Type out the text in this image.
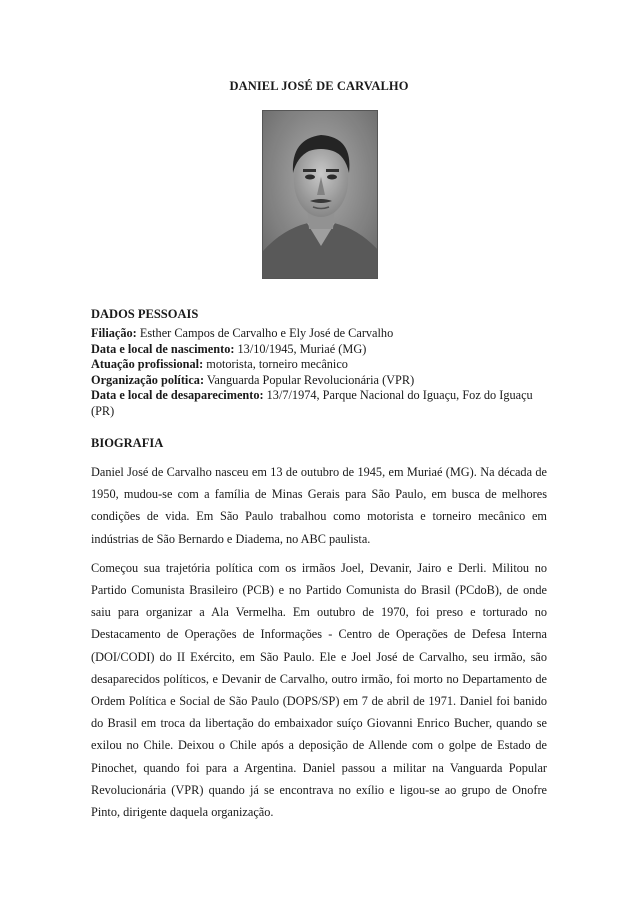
DANIEL JOSÉ DE CARVALHO
DADOS PESSOAIS
Filiação: Esther Campos de Carvalho e Ely José de Carvalho
Data e local de nascimento: 13/10/1945, Muriaé (MG)
Atuação profissional: motorista, torneiro mecânico
Organização política: Vanguarda Popular Revolucionária (VPR)
Data e local de desaparecimento: 13/7/1974, Parque Nacional do Iguaçu, Foz do Iguaçu (PR)
BIOGRAFIA

Daniel José de Carvalho nasceu em 13 de outubro de 1945, em Muriaé (MG). Na década de 1950, mudou-se com a família de Minas Gerais para São Paulo, em busca de melhores condições de vida. Em São Paulo trabalhou como motorista e torneiro mecânico em indústrias de São Bernardo e Diadema, no ABC paulista.

Começou sua trajetória política com os irmãos Joel, Devanir, Jairo e Derli. Militou no Partido Comunista Brasileiro (PCB) e no Partido Comunista do Brasil (PCdoB), de onde saiu para organizar a Ala Vermelha. Em outubro de 1970, foi preso e torturado no Destacamento de Operações de Informações - Centro de Operações de Defesa Interna (DOI/CODI) do II Exército, em São Paulo. Ele e Joel José de Carvalho, seu irmão, são desaparecidos políticos, e Devanir de Carvalho, outro irmão, foi morto no Departamento de Ordem Política e Social de São Paulo (DOPS/SP) em 7 de abril de 1971. Daniel foi banido do Brasil em troca da libertação do embaixador suíço Giovanni Enrico Bucher, quando se exilou no Chile. Deixou o Chile após a deposição de Allende com o golpe de Estado de Pinochet, quando foi para a Argentina. Daniel passou a militar na Vanguarda Popular Revolucionária (VPR) quando já se encontrava no exílio e ligou-se ao grupo de Onofre Pinto, dirigente daquela organização.
